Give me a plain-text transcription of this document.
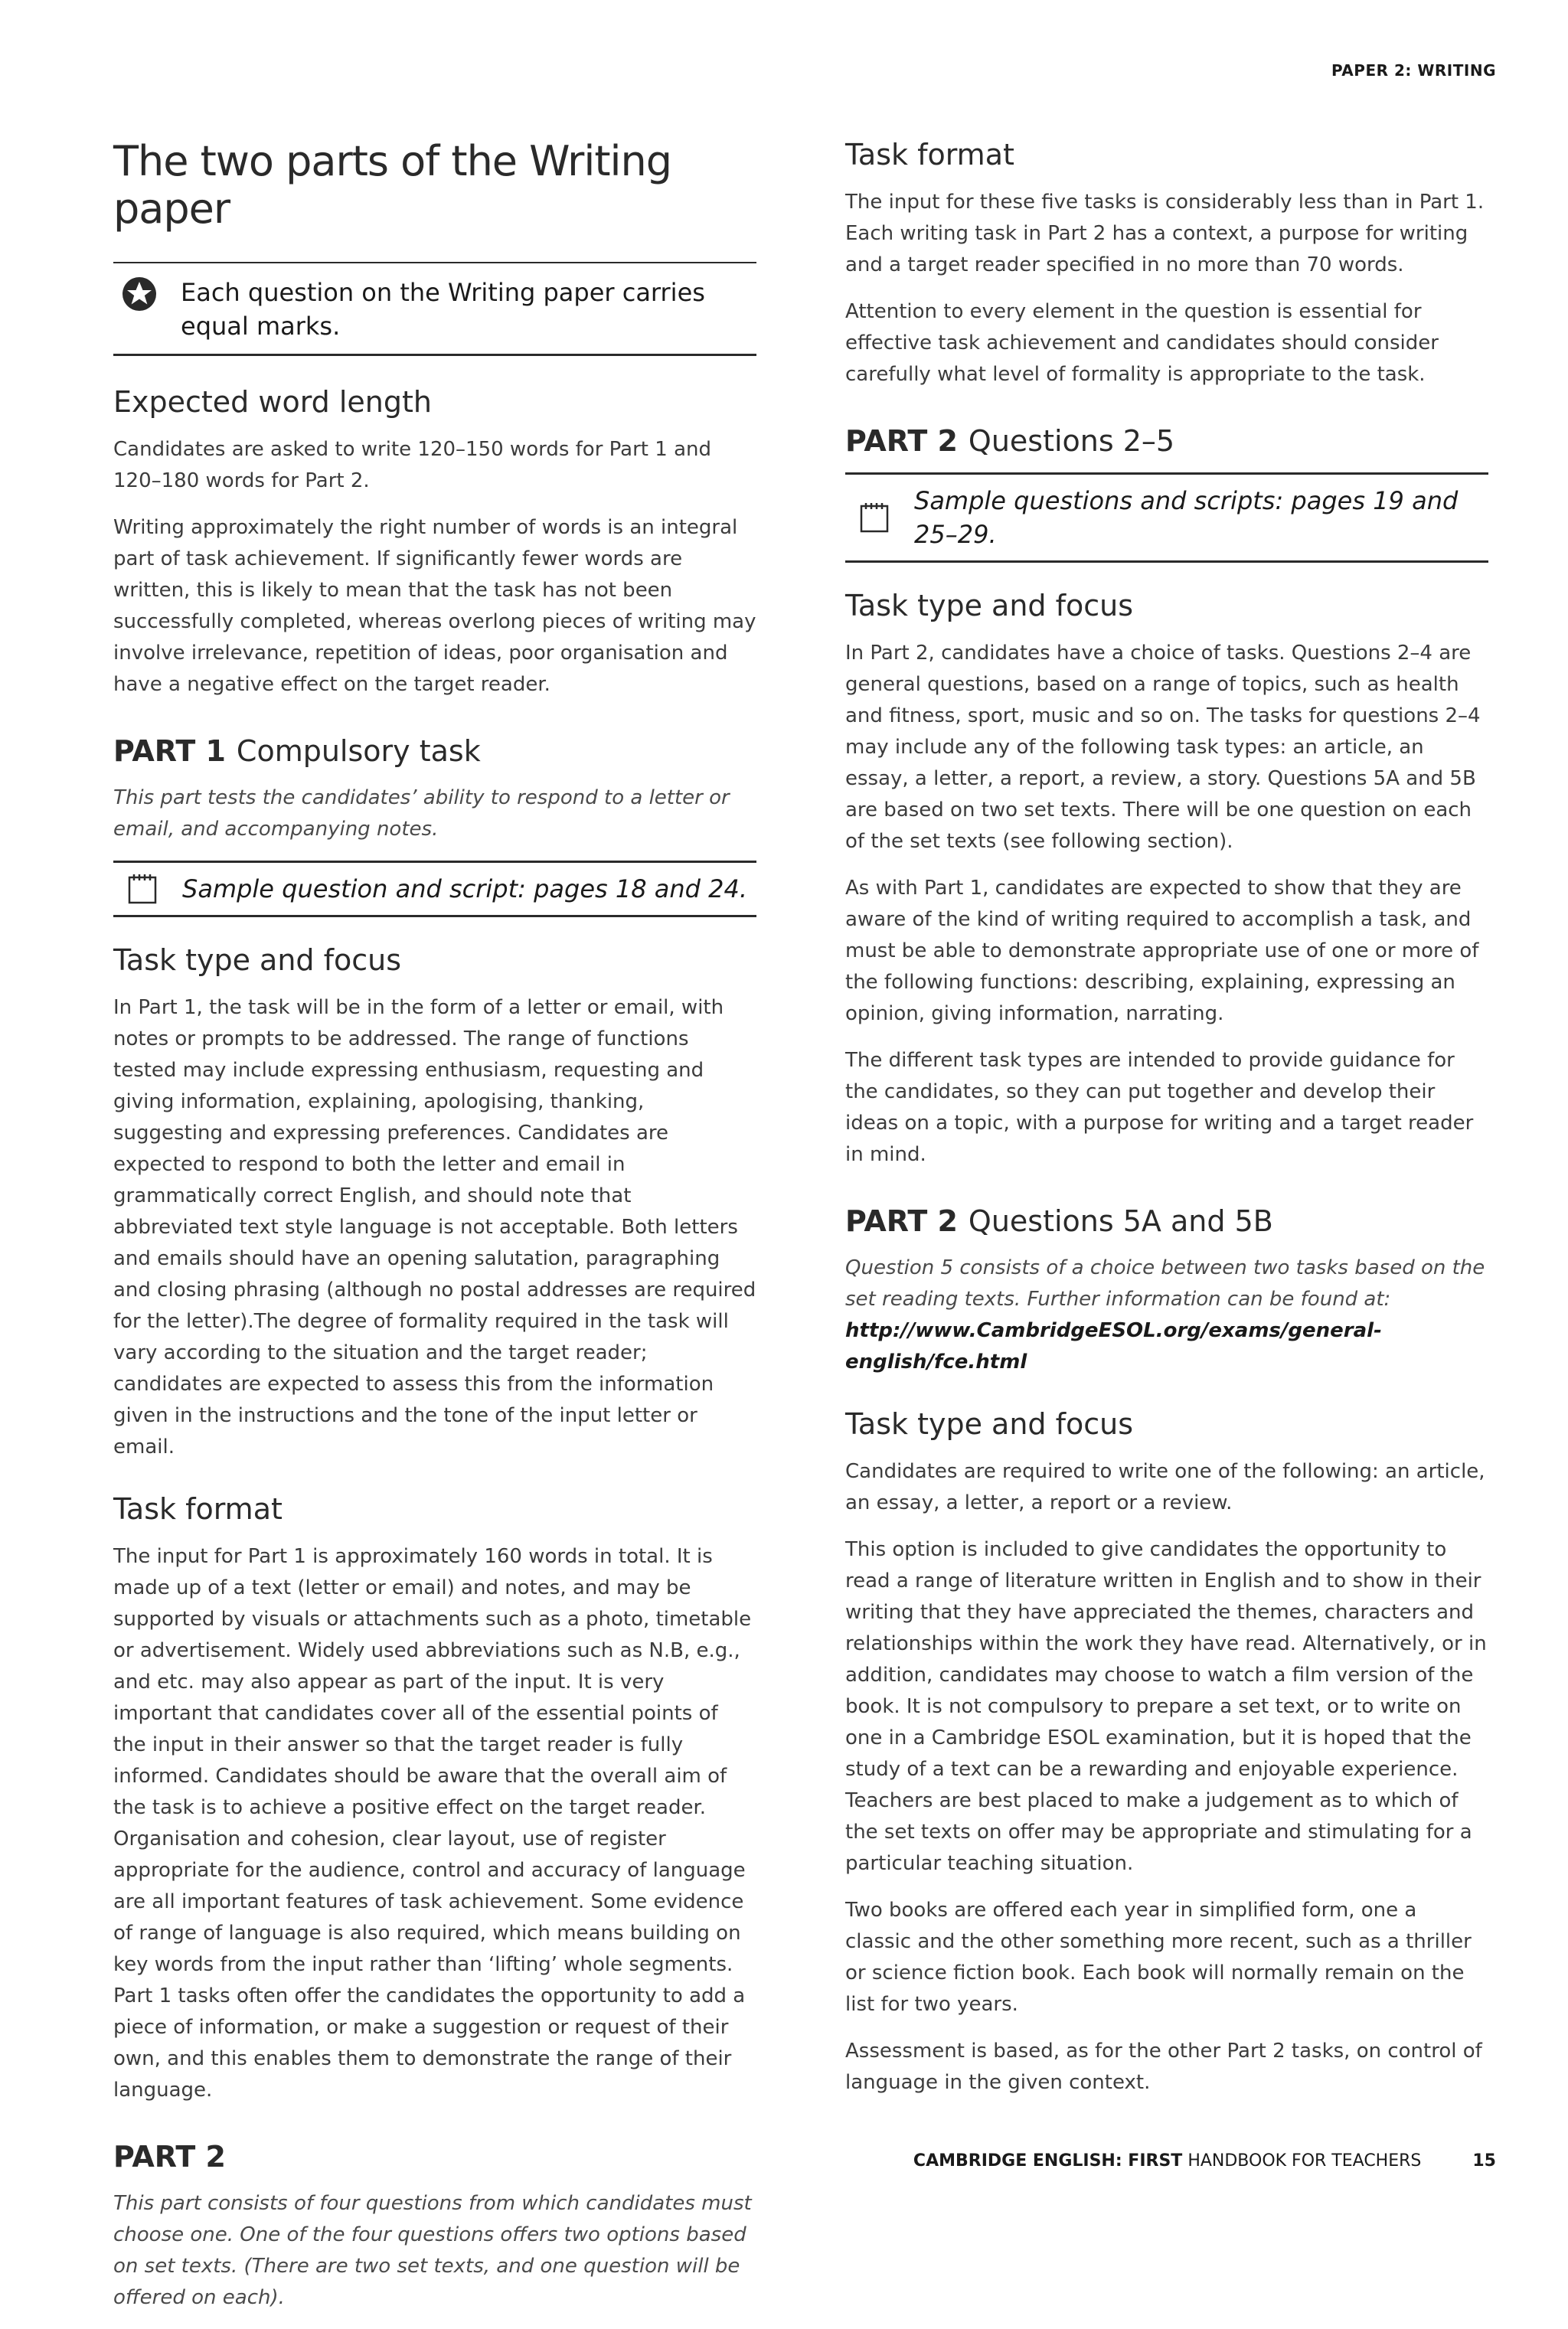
PAPER 2: WRITING
The two parts of the Writing paper
Each question on the Writing paper carries equal marks.
Expected word length

Candidates are asked to write 120–150 words for Part 1 and 120–180 words for Part 2.

Writing approximately the right number of words is an integral part of task achievement. If significantly fewer words are written, this is likely to mean that the task has not been successfully completed, whereas overlong pieces of writing may involve irrelevance, repetition of ideas, poor organisation and have a negative effect on the target reader.

PART 1 Compulsory task

This part tests the candidates’ ability to respond to a letter or email, and accompanying notes.

Sample question and script: pages 18 and 24.
Task type and focus

In Part 1, the task will be in the form of a letter or email, with notes or prompts to be addressed. The range of functions tested may include expressing enthusiasm, requesting and giving information, explaining, apologising, thanking, suggesting and expressing preferences. Candidates are expected to respond to both the letter and email in grammatically correct English, and should note that abbreviated text style language is not acceptable. Both letters and emails should have an opening salutation, paragraphing and closing phrasing (although no postal addresses are required for the letter).The degree of formality required in the task will vary according to the situation and the target reader; candidates are expected to assess this from the information given in the instructions and the tone of the input letter or email.

Task format

The input for Part 1 is approximately 160 words in total. It is made up of a text (letter or email) and notes, and may be supported by visuals or attachments such as a photo, timetable or advertisement. Widely used abbreviations such as N.B, e.g., and etc. may also appear as part of the input. It is very important that candidates cover all of the essential points of the input in their answer so that the target reader is fully informed. Candidates should be aware that the overall aim of the task is to achieve a positive effect on the target reader. Organisation and cohesion, clear layout, use of register appropriate for the audience, control and accuracy of language are all important features of task achievement. Some evidence of range of language is also required, which means building on key words from the input rather than ‘lifting’ whole segments. Part 1 tasks often offer the candidates the opportunity to add a piece of information, or make a suggestion or request of their own, and this enables them to demonstrate the range of their language.

PART 2

This part consists of four questions from which candidates must choose one. One of the four questions offers two options based on set texts. (There are two set texts, and one question will be offered on each).

Task format

The input for these five tasks is considerably less than in Part 1. Each writing task in Part 2 has a context, a purpose for writing and a target reader specified in no more than 70 words.

Attention to every element in the question is essential for effective task achievement and candidates should consider carefully what level of formality is appropriate to the task.

PART 2 Questions 2–5
Sample questions and scripts: pages 19 and 25–29.
Task type and focus

In Part 2, candidates have a choice of tasks. Questions 2–4 are general questions, based on a range of topics, such as health and fitness, sport, music and so on. The tasks for questions 2–4 may include any of the following task types: an article, an essay, a letter, a report, a review, a story. Questions 5A and 5B are based on two set texts. There will be one question on each of the set texts (see following section).

As with Part 1, candidates are expected to show that they are aware of the kind of writing required to accomplish a task, and must be able to demonstrate appropriate use of one or more of the following functions: describing, explaining, expressing an opinion, giving information, narrating.

The different task types are intended to provide guidance for the candidates, so they can put together and develop their ideas on a topic, with a purpose for writing and a target reader in mind.

PART 2 Questions 5A and 5B

Question 5 consists of a choice between two tasks based on the set reading texts. Further information can be found at:

http://www.CambridgeESOL.org/exams/general-english/fce.html

Task type and focus

Candidates are required to write one of the following: an article, an essay, a letter, a report or a review.

This option is included to give candidates the opportunity to read a range of literature written in English and to show in their writing that they have appreciated the themes, characters and relationships within the work they have read. Alternatively, or in addition, candidates may choose to watch a film version of the book. It is not compulsory to prepare a set text, or to write on one in a Cambridge ESOL examination, but it is hoped that the study of a text can be a rewarding and enjoyable experience. Teachers are best placed to make a judgement as to which of the set texts on offer may be appropriate and stimulating for a particular teaching situation.

Two books are offered each year in simplified form, one a classic and the other something more recent, such as a thriller or science fiction book. Each book will normally remain on the list for two years.

Assessment is based, as for the other Part 2 tasks, on control of language in the given context.

CAMBRIDGE ENGLISH: FIRST HANDBOOK FOR TEACHERS	15
